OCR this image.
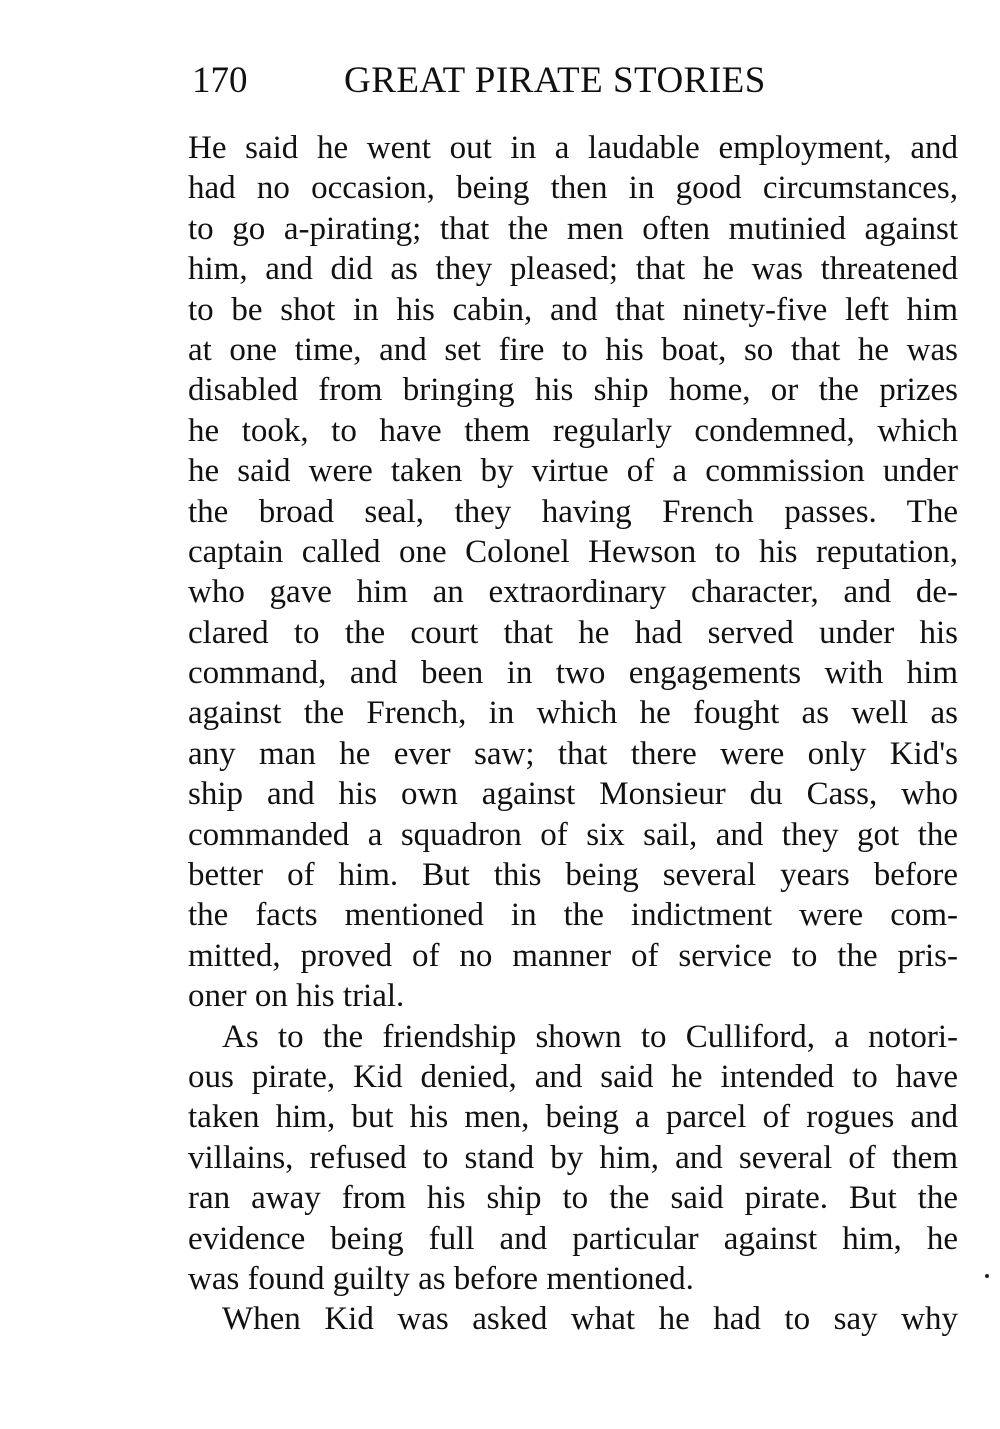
170	GREAT PIRATE STORIES
He said he went out in a laudable employment, and
had no occasion, being then in good circumstances,
to go a-pirating; that the men often mutinied against
him, and did as they pleased; that he was threatened
to be shot in his cabin, and that ninety-five left him
at one time, and set fire to his boat, so that he was
disabled from bringing his ship home, or the prizes
he took, to have them regularly condemned, which
he said were taken by virtue of a commission under
the broad seal, they having French passes. The
captain called one Colonel Hewson to his reputation,
who gave him an extraordinary character, and de-
clared to the court that he had served under his
command, and been in two engagements with him
against the French, in which he fought as well as
any man he ever saw; that there were only Kid's
ship and his own against Monsieur du Cass, who
commanded a squadron of six sail, and they got the
better of him. But this being several years before
the facts mentioned in the indictment were com-
mitted, proved of no manner of service to the pris-
oner on his trial.
As to the friendship shown to Culliford, a notori-
ous pirate, Kid denied, and said he intended to have
taken him, but his men, being a parcel of rogues and
villains, refused to stand by him, and several of them
ran away from his ship to the said pirate. But the
evidence being full and particular against him, he
was found guilty as before mentioned.
When Kid was asked what he had to say why
